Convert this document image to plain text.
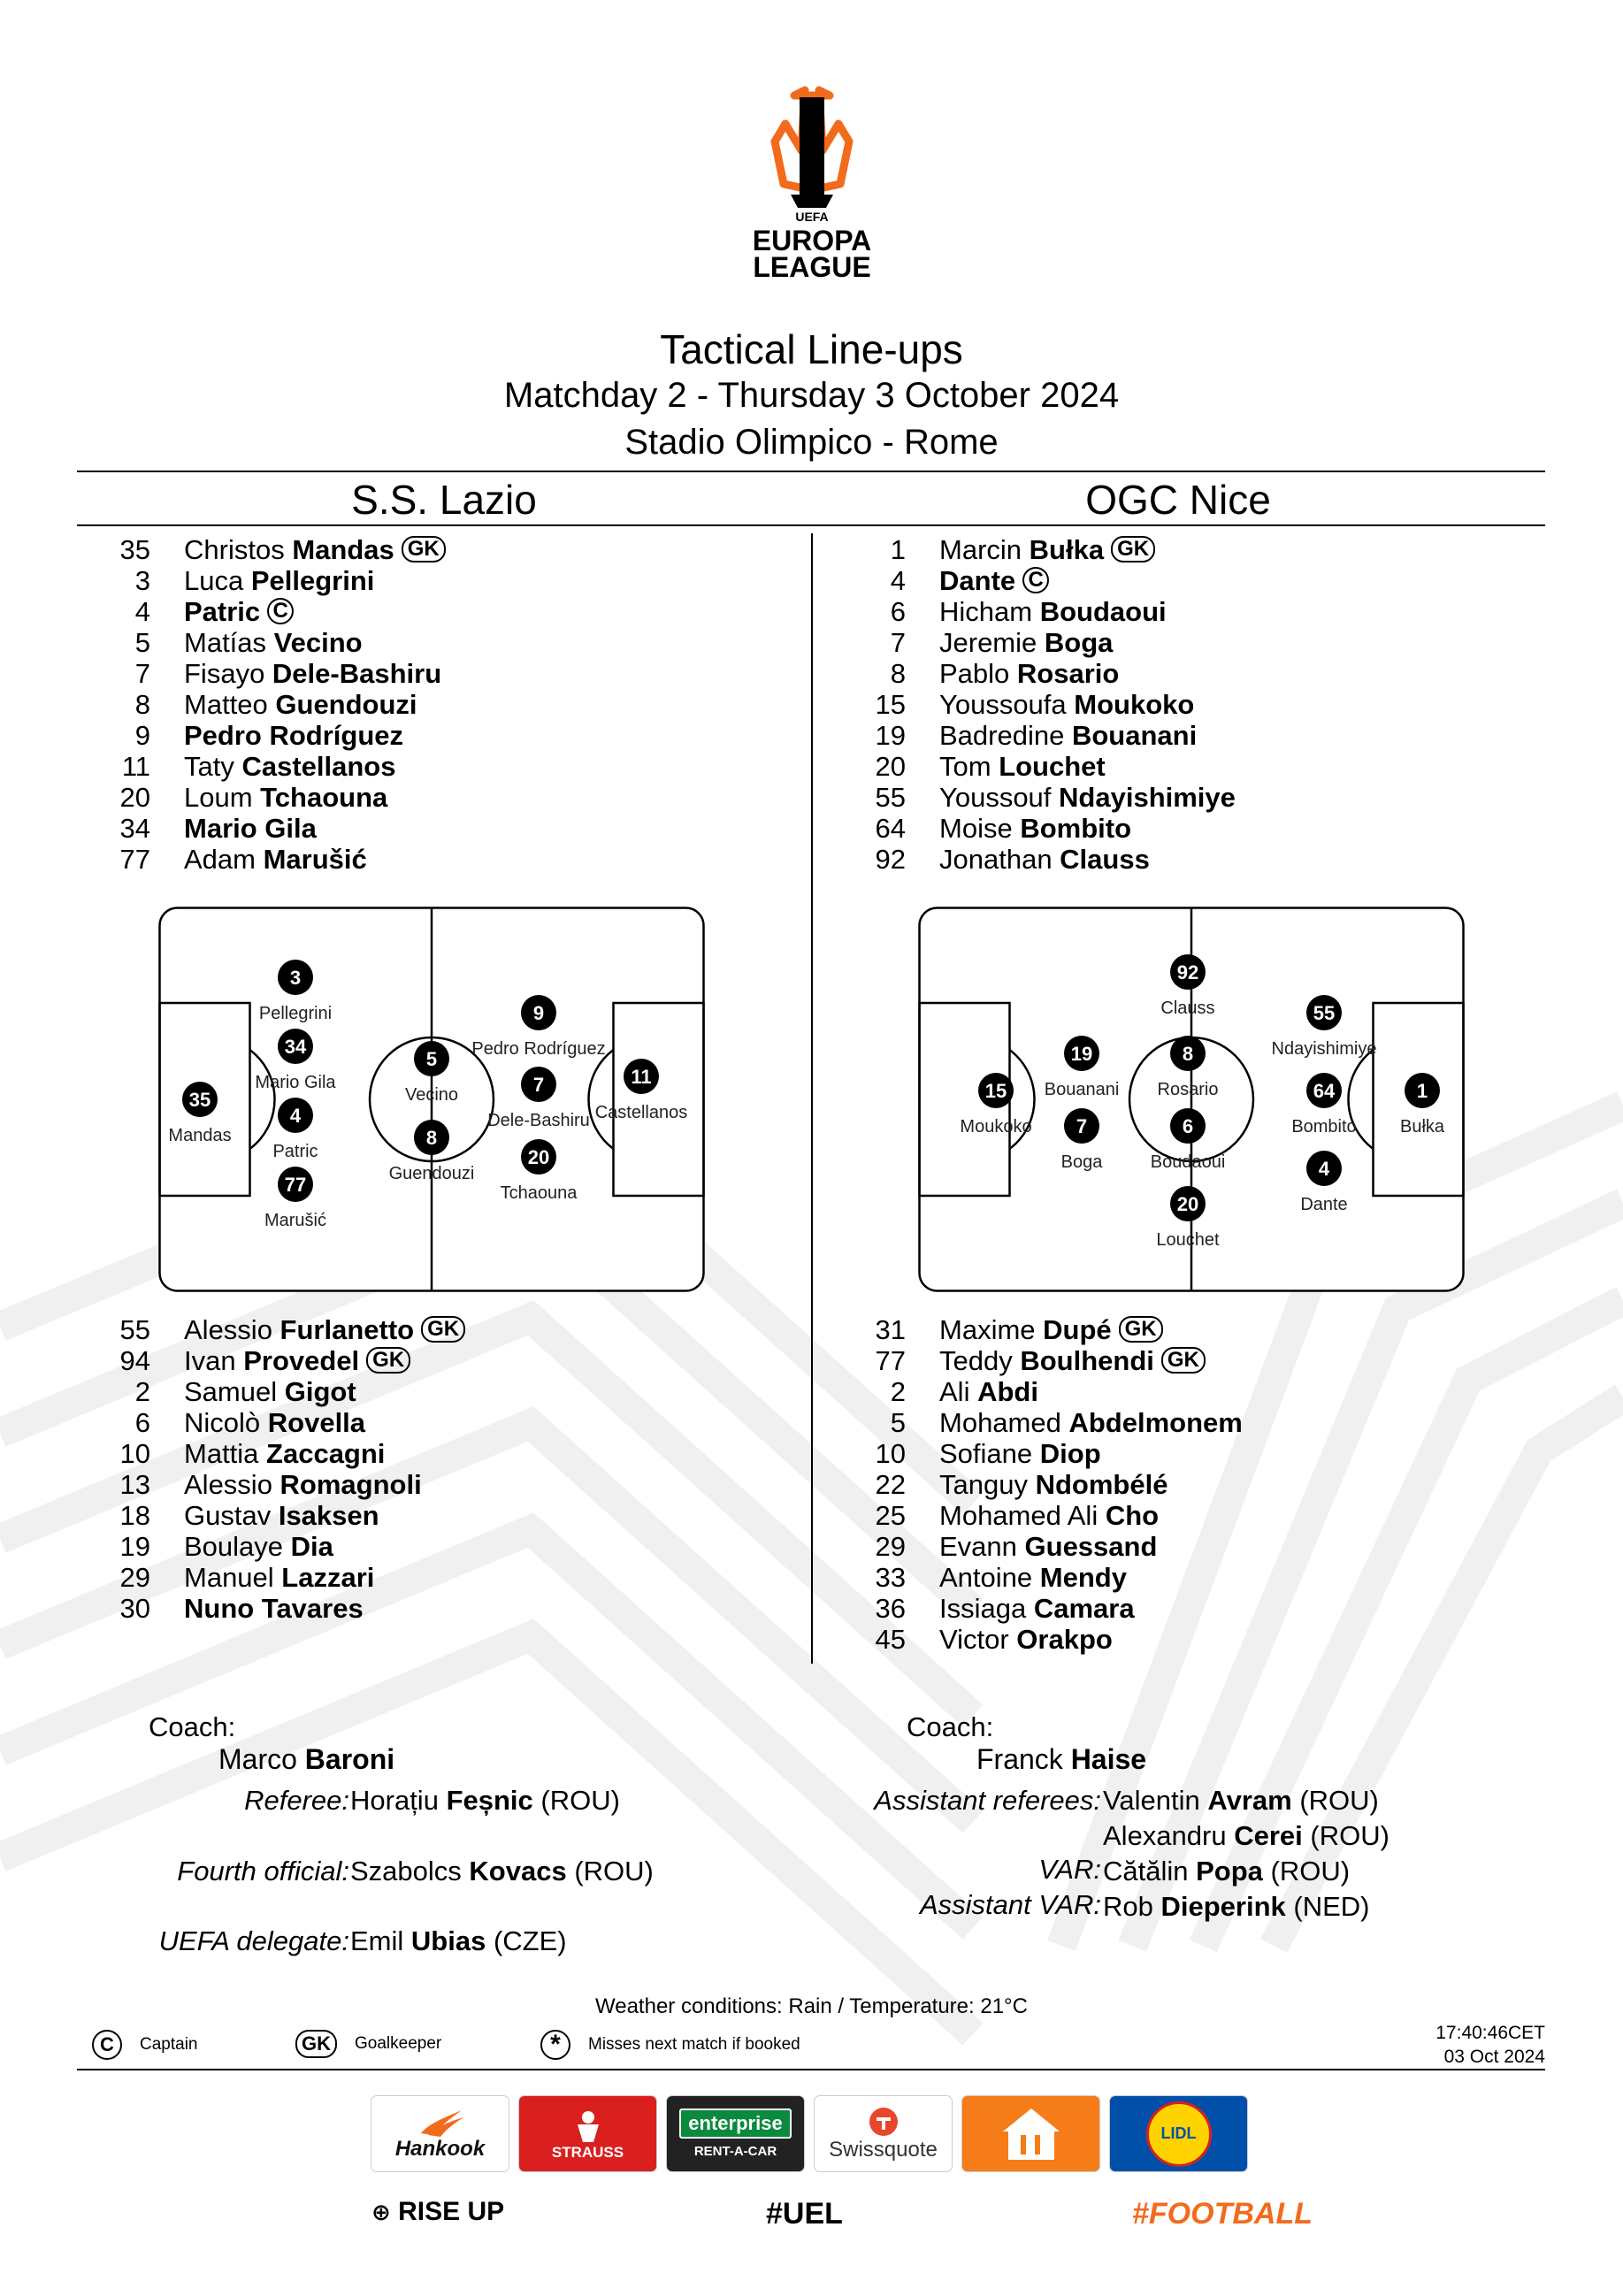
UEFA
EUROPA
LEAGUE
Tactical Line-ups
Matchday 2 - Thursday 3 October 2024
Stadio Olimpico - Rome
S.S. Lazio	OGC Nice
35 Christos Mandas GK
3 Luca Pellegrini
4 Patric C
5 Matías Vecino
7 Fisayo Dele-Bashiru
8 Matteo Guendouzi
9 Pedro Rodríguez
11 Taty Castellanos
20 Loum Tchaouna
34 Mario Gila
77 Adam Marušić
1 Marcin Bułka GK
4 Dante C
6 Hicham Boudaoui
7 Jeremie Boga
8 Pablo Rosario
15 Youssoufa Moukoko
19 Badredine Bouanani
20 Tom Louchet
55 Youssouf Ndayishimiye
64 Moise Bombito
92 Jonathan Clauss
35
Mandas
3
Pellegrini
34
Mario Gila
4
Patric
77
Marušić
5
Vecino
8
Guendouzi
9
Pedro Rodríguez
7
Dele-Bashiru
20
Tchaouna
11
Castellanos
92
Clauss	55
Ndayishimiye
19
Bouanani
8
Rosario
15
Moukoko
64
Bombito
1
Bułka
7
Boga
6
Boudaoui	4
Dante
20
Louchet
55 Alessio Furlanetto GK
94 Ivan Provedel GK
2 Samuel Gigot
6 Nicolò Rovella
10 Mattia Zaccagni
13 Alessio Romagnoli
18 Gustav Isaksen
19 Boulaye Dia
29 Manuel Lazzari
30 Nuno Tavares
31 Maxime Dupé GK
77 Teddy Boulhendi GK
2 Ali Abdi
5 Mohamed Abdelmonem
10 Sofiane Diop
22 Tanguy Ndombélé
25 Mohamed Ali Cho
29 Evann Guessand
33 Antoine Mendy
36 Issiaga Camara
45 Victor Orakpo
Coach:
Marco Baroni
Coach:
Franck Haise
Referee: Horațiu Feșnic (ROU)
Fourth official: Szabolcs Kovacs (ROU)
UEFA delegate: Emil Ubias (CZE)
Assistant referees: Valentin Avram (ROU)
Alexandru Cerei (ROU)
VAR: Cătălin Popa (ROU)
Assistant VAR: Rob Dieperink (NED)
Weather conditions: Rain / Temperature: 21°C
C	Captain	GK	Goalkeeper	*	Misses next match if booked
17:40:46CET
03 Oct 2024
Hankook	STRAUSS
enterprise
RENT-A-CAR Swissquote
LIDL
⊕ RISE UP	#UEL	#FOOTBALL
